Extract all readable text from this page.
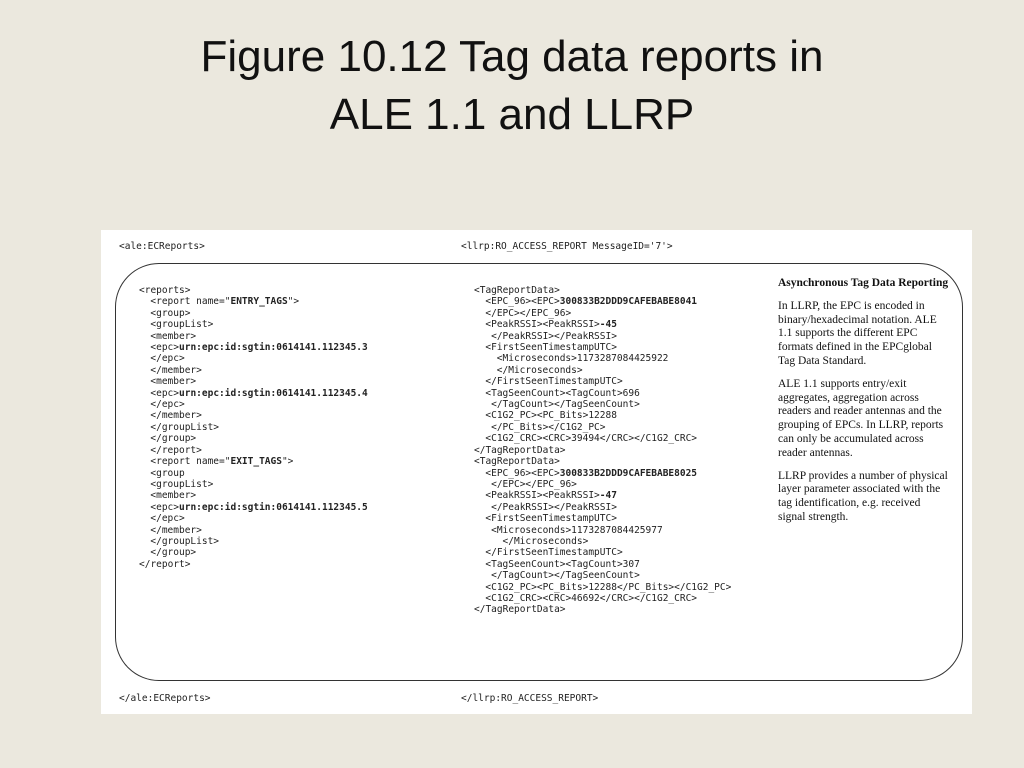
Figure 10.12 Tag data reports in
ALE 1.1 and LLRP
<ale:ECReports>	<llrp:RO_ACCESS_REPORT MessageID='7'>
<reports>
<report name="ENTRY_TAGS">
<group>
<groupList>
<member>
<epc>urn:epc:id:sgtin:0614141.112345.3
</epc>
</member>
<member>
<epc>urn:epc:id:sgtin:0614141.112345.4
</epc>
</member>
</groupList>
</group>
</report>
<report name="EXIT_TAGS">
<group
<groupList>
<member>
<epc>urn:epc:id:sgtin:0614141.112345.5
</epc>
</member>
</groupList>
</group>
</report>
<TagReportData>
<EPC_96><EPC>300833B2DDD9CAFEBABE8041
</EPC></EPC_96>
<PeakRSSI><PeakRSSI>-45
</PeakRSSI></PeakRSSI>
<FirstSeenTimestampUTC>
<Microseconds>1173287084425922
</Microseconds>
</FirstSeenTimestampUTC>
<TagSeenCount><TagCount>696
</TagCount></TagSeenCount>
<C1G2_PC><PC_Bits>12288
</PC_Bits></C1G2_PC>
<C1G2_CRC><CRC>39494</CRC></C1G2_CRC>
</TagReportData>
<TagReportData>
<EPC_96><EPC>300833B2DDD9CAFEBABE8025
</EPC></EPC_96>
<PeakRSSI><PeakRSSI>-47
</PeakRSSI></PeakRSSI>
<FirstSeenTimestampUTC>
<Microseconds>1173287084425977
</Microseconds>
</FirstSeenTimestampUTC>
<TagSeenCount><TagCount>307
</TagCount></TagSeenCount>
<C1G2_PC><PC_Bits>12288</PC_Bits></C1G2_PC>
<C1G2_CRC><CRC>46692</CRC></C1G2_CRC>
</TagReportData>

Asynchronous Tag Data Reporting

In LLRP, the EPC is encoded in binary/hexadecimal notation. ALE 1.1 supports the different EPC formats defined in the EPCglobal Tag Data Standard.

ALE 1.1 supports entry/exit aggregates, aggregation across readers and reader antennas and the grouping of EPCs. In LLRP, reports can only be accumulated across reader antennas.

LLRP provides a number of physical layer parameter associated with the tag identification, e.g. received signal strength.

</ale:ECReports>	</llrp:RO_ACCESS_REPORT>
